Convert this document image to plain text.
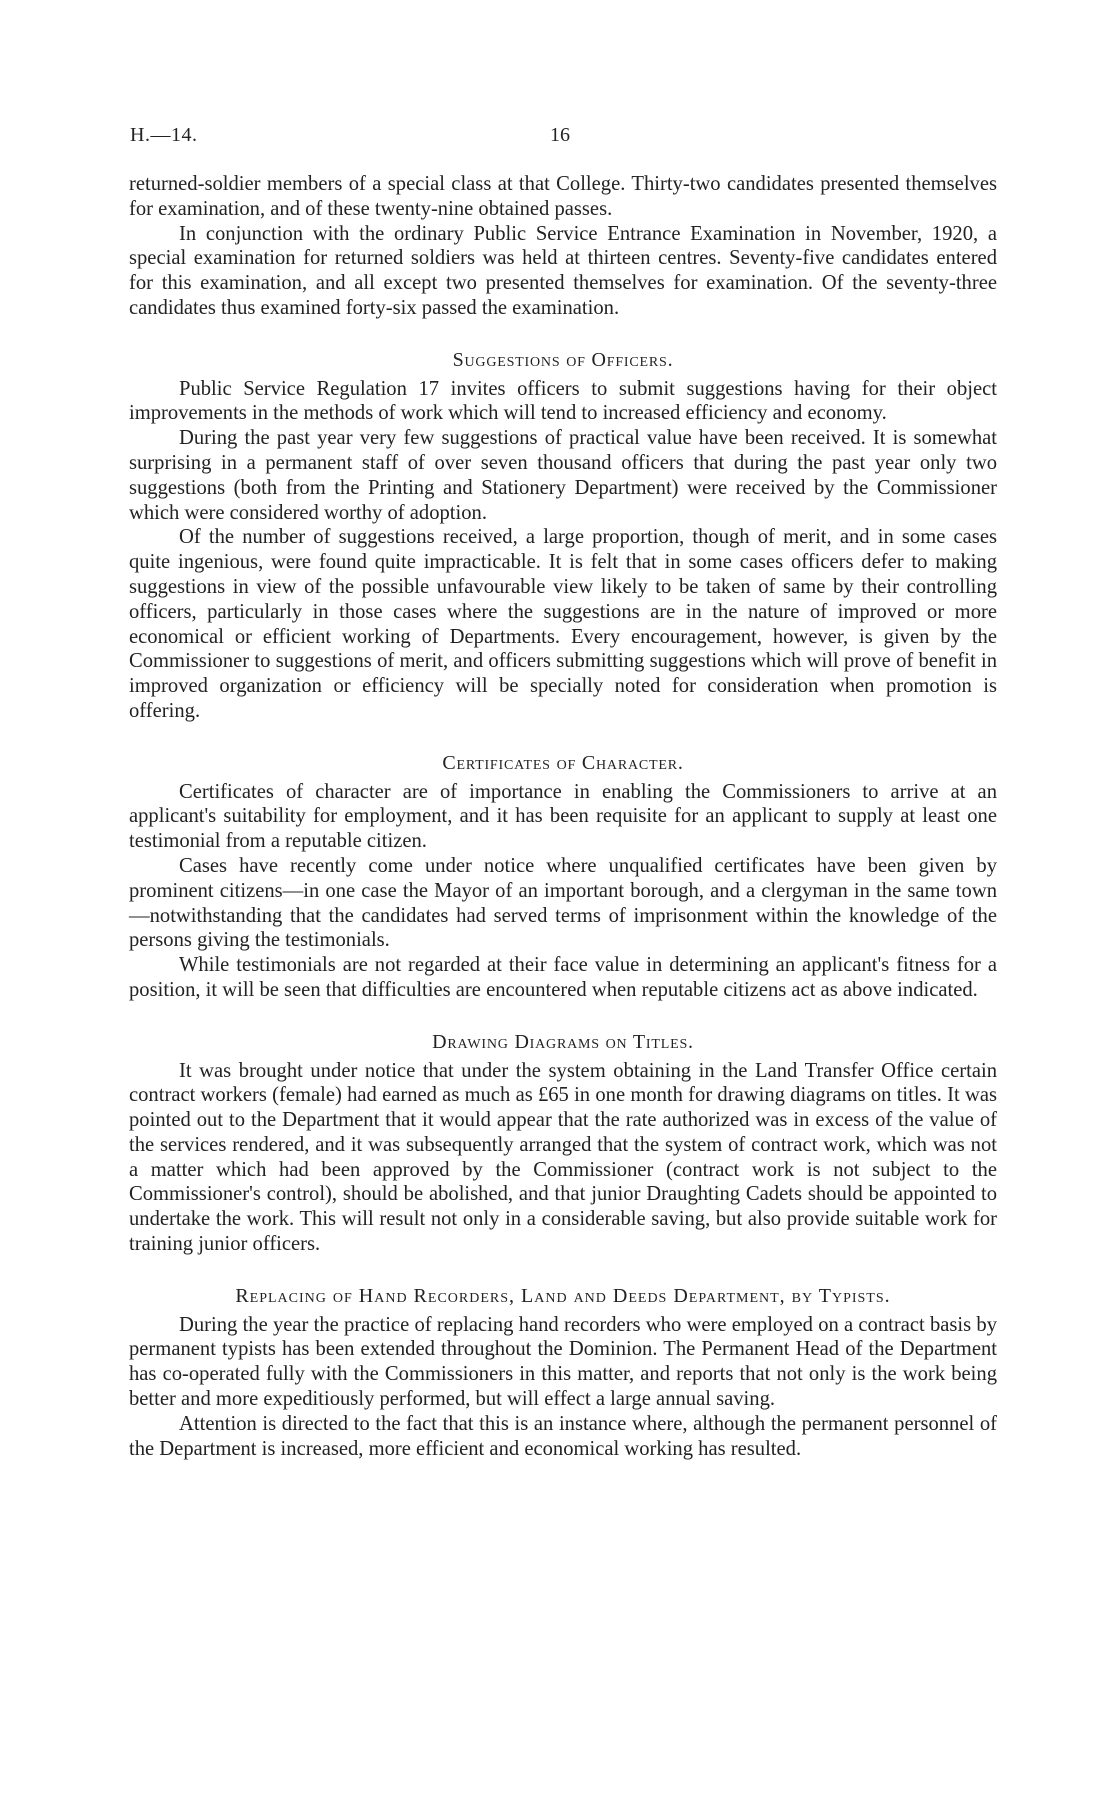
H.—14.	16

returned-soldier members of a special class at that College. Thirty-two candidates presented themselves for examination, and of these twenty-nine obtained passes.

In conjunction with the ordinary Public Service Entrance Examination in November, 1920, a special examination for returned soldiers was held at thirteen centres. Seventy-five candidates entered for this examination, and all except two presented themselves for examination. Of the seventy-three candidates thus examined forty-six passed the examination.

Suggestions of Officers.

Public Service Regulation 17 invites officers to submit suggestions having for their object improvements in the methods of work which will tend to increased efficiency and economy.

During the past year very few suggestions of practical value have been received. It is somewhat surprising in a permanent staff of over seven thousand officers that during the past year only two suggestions (both from the Printing and Stationery Department) were received by the Commissioner which were considered worthy of adoption.

Of the number of suggestions received, a large proportion, though of merit, and in some cases quite ingenious, were found quite impracticable. It is felt that in some cases officers defer to making suggestions in view of the possible unfavourable view likely to be taken of same by their controlling officers, particularly in those cases where the suggestions are in the nature of improved or more economical or efficient working of Departments. Every encouragement, however, is given by the Commissioner to suggestions of merit, and officers submitting suggestions which will prove of benefit in improved organization or efficiency will be specially noted for consideration when promotion is offering.

Certificates of Character.

Certificates of character are of importance in enabling the Commissioners to arrive at an applicant's suitability for employment, and it has been requisite for an applicant to supply at least one testimonial from a reputable citizen.

Cases have recently come under notice where unqualified certificates have been given by prominent citizens—in one case the Mayor of an important borough, and a clergyman in the same town—notwithstanding that the candidates had served terms of imprisonment within the knowledge of the persons giving the testimonials.

While testimonials are not regarded at their face value in determining an applicant's fitness for a position, it will be seen that difficulties are encountered when reputable citizens act as above indicated.

Drawing Diagrams on Titles.

It was brought under notice that under the system obtaining in the Land Transfer Office certain contract workers (female) had earned as much as £65 in one month for drawing diagrams on titles. It was pointed out to the Department that it would appear that the rate authorized was in excess of the value of the services rendered, and it was subsequently arranged that the system of contract work, which was not a matter which had been approved by the Commissioner (contract work is not subject to the Commissioner's control), should be abolished, and that junior Draughting Cadets should be appointed to undertake the work. This will result not only in a considerable saving, but also provide suitable work for training junior officers.

Replacing of Hand Recorders, Land and Deeds Department, by Typists.

During the year the practice of replacing hand recorders who were employed on a contract basis by permanent typists has been extended throughout the Dominion. The Permanent Head of the Department has co-operated fully with the Commissioners in this matter, and reports that not only is the work being better and more expeditiously performed, but will effect a large annual saving.

Attention is directed to the fact that this is an instance where, although the permanent personnel of the Department is increased, more efficient and economical working has resulted.
